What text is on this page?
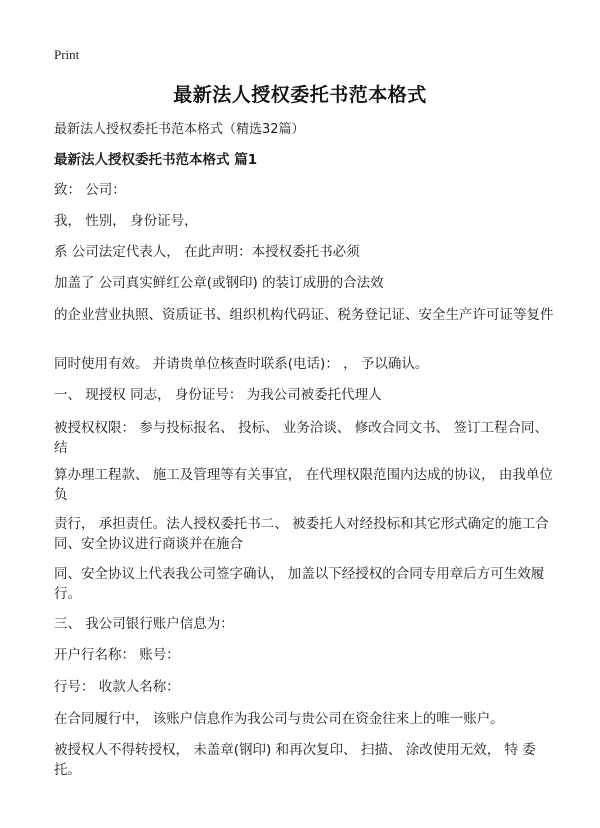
Print
最新法人授权委托书范本格式
最新法人授权委托书范本格式（精选32篇）
最新法人授权委托书范本格式 篇1
致： 公司：
我， 性别， 身份证号，
系 公司法定代表人， 在此声明：本授权委托书必须
加盖了 公司真实鲜红公章(或钢印) 的装订成册的合法效
的企业营业执照、资质证书、组织机构代码证、税务登记证、安全生产许可证等复件
同时使用有效。 并请贵单位核查时联系(电话)： ， 予以确认。
一、 现授权 同志， 身份证号： 为我公司被委托代理人
被授权权限： 参与投标报名、 投标、 业务洽谈、 修改合同文书、 签订工程合同、 结
算办理工程款、 施工及管理等有关事宜， 在代理权限范围内达成的协议， 由我单位负
责行， 承担责任。法人授权委托书二、 被委托人对经投标和其它形式确定的施工合同、安全协议进行商谈并在施合
同、安全协议上代表我公司签字确认， 加盖以下经授权的合同专用章后方可生效履行。
三、 我公司银行账户信息为：
开户行名称： 账号：
行号： 收款人名称：
在合同履行中， 该账户信息作为我公司与贵公司在资金往来上的唯一账户。
被授权人不得转授权， 未盖章(钢印) 和再次复印、 扫描、 涂改使用无效， 特 委托。
